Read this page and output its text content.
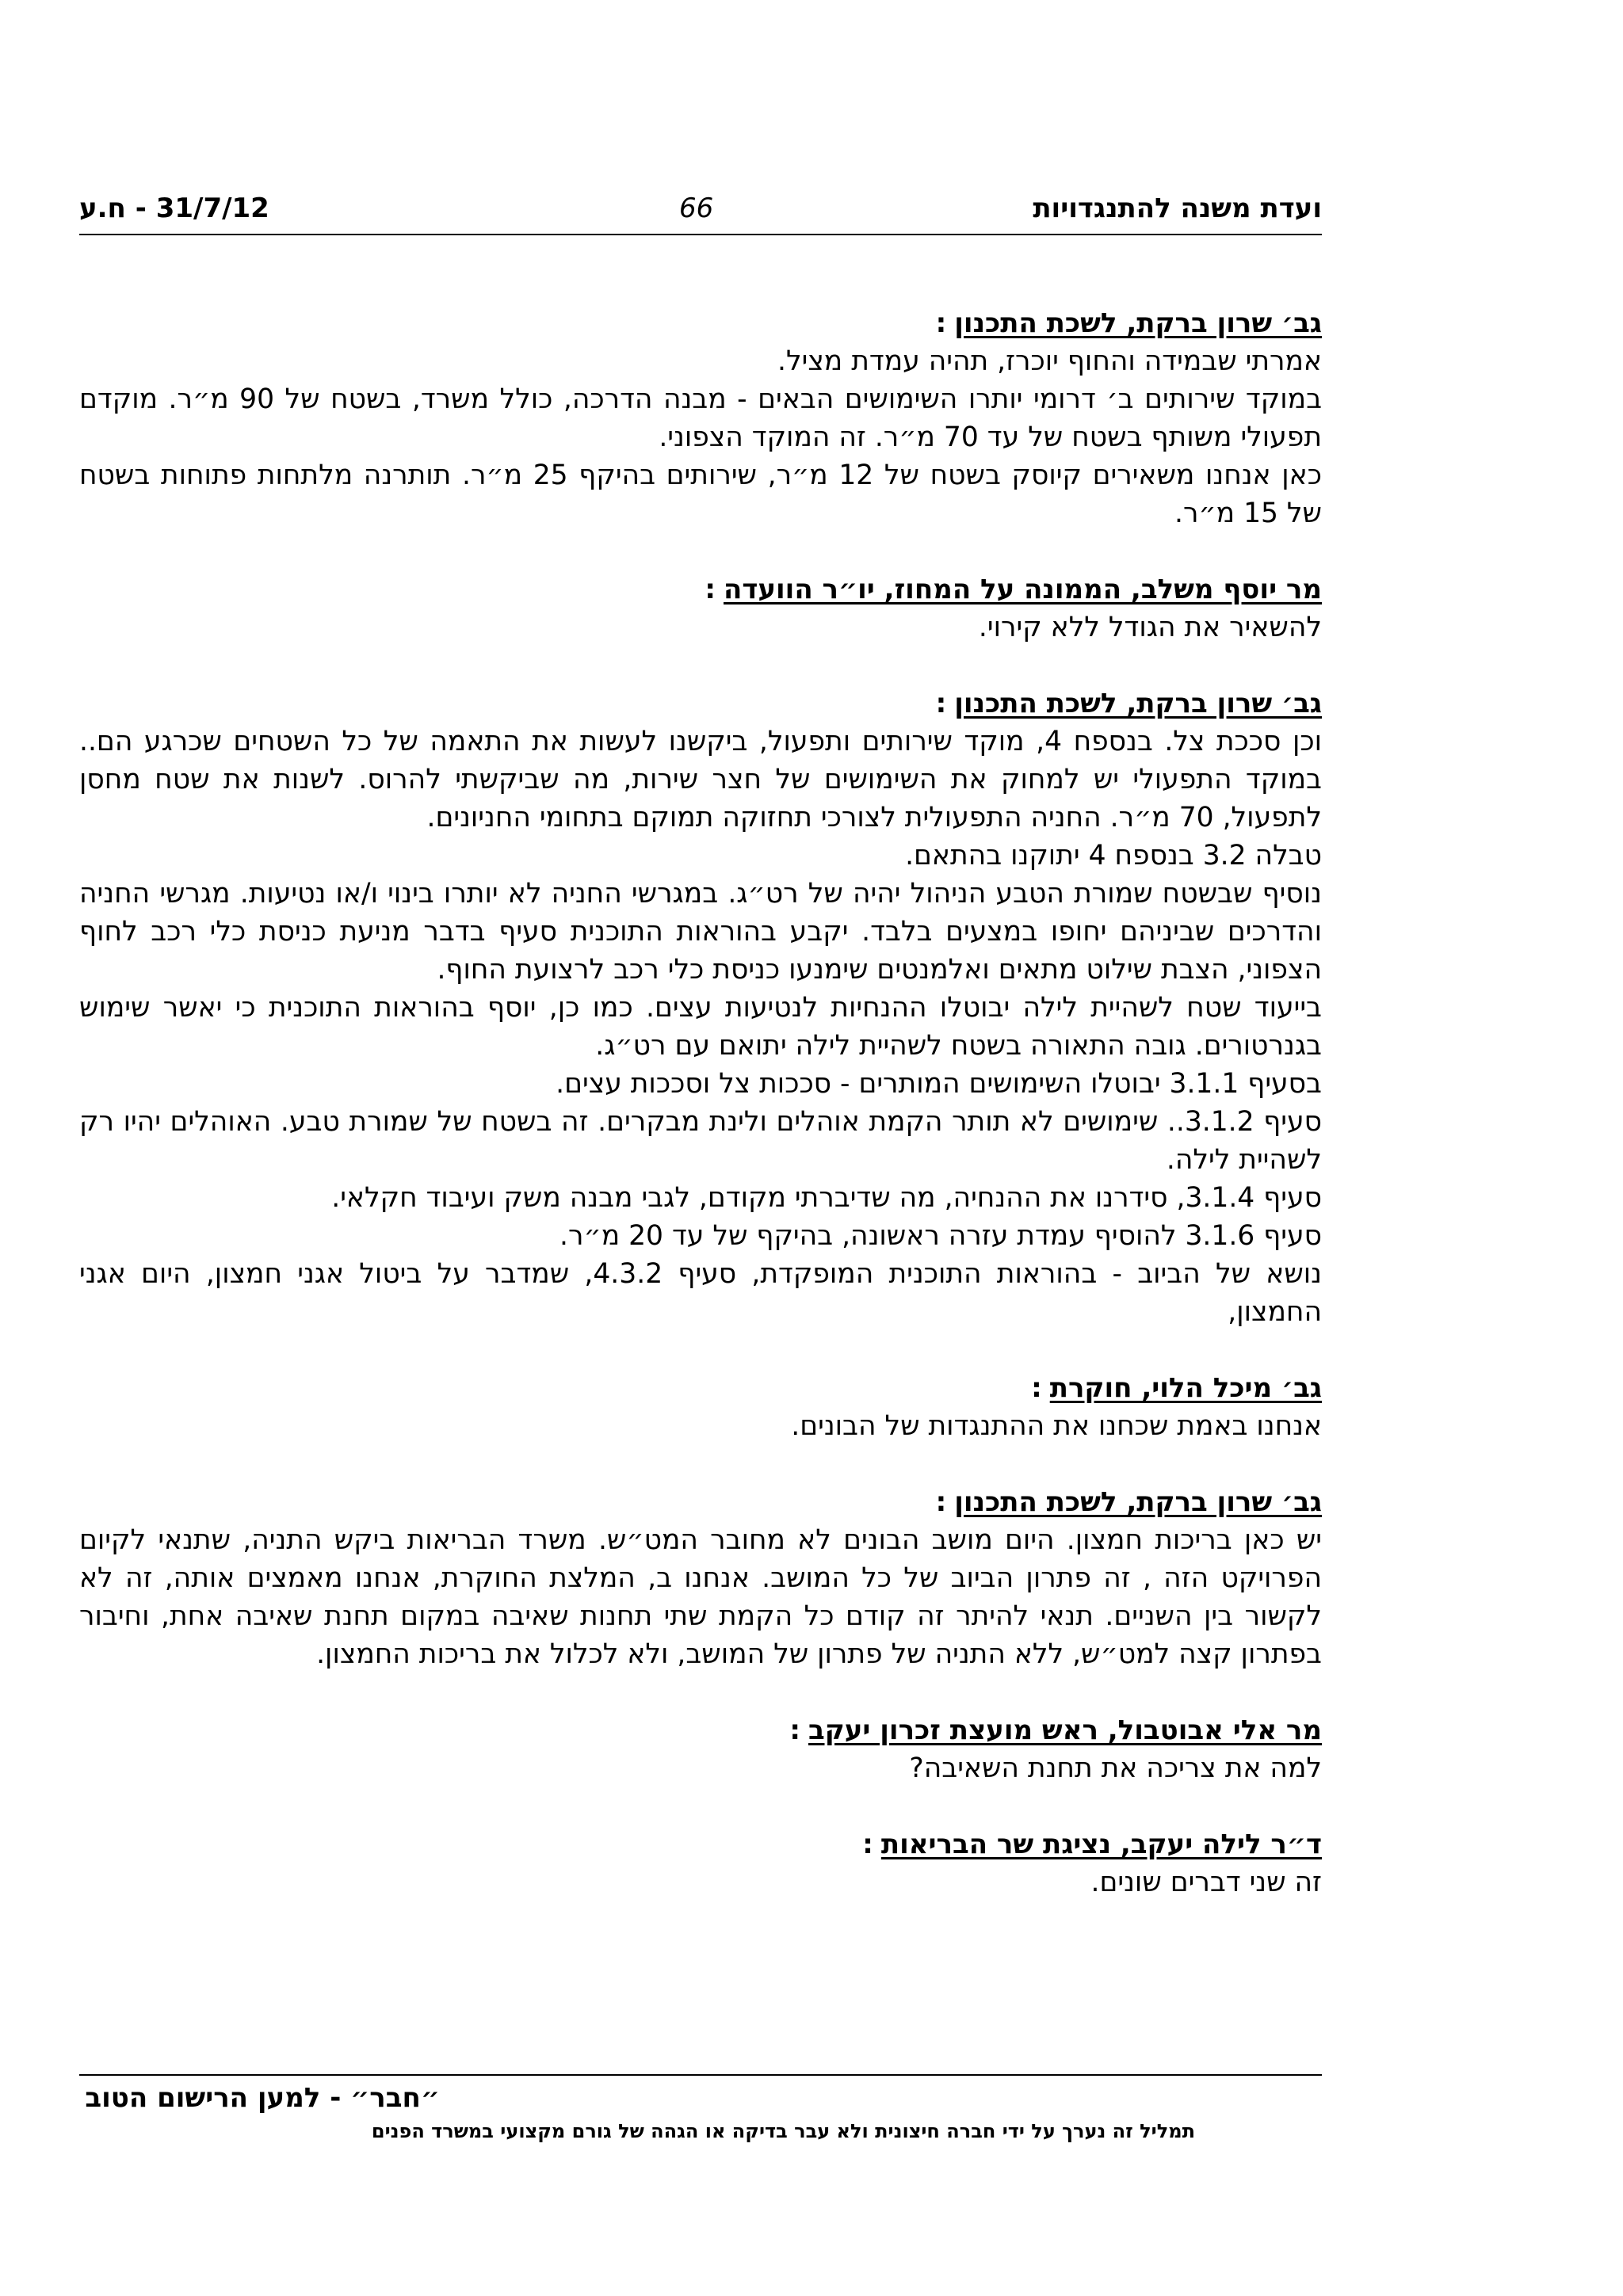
ועדת משנה להתנגדויות
66
31/7/12 - ח.ע

גב׳ שרון ברקת, לשכת התכנון:

אמרתי שבמידה והחוף יוכרז, תהיה עמדת מציל.

במוקד שירותים ב׳ דרומי יותרו השימושים הבאים - מבנה הדרכה, כולל משרד, בשטח של 90 מ״ר. מוקדם תפעולי משותף בשטח של עד 70 מ״ר. זה המוקד הצפוני.

כאן אנחנו משאירים קיוסק בשטח של 12 מ״ר, שירותים בהיקף 25 מ״ר. תותרנה מלתחות פתוחות בשטח של 15 מ״ר.

מר יוסף משלב, הממונה על המחוז, יו״ר הוועדה:

להשאיר את הגודל ללא קירוי.

גב׳ שרון ברקת, לשכת התכנון:

וכן סככת צל. בנספח 4, מוקד שירותים ותפעול, ביקשנו לעשות את התאמה של כל השטחים שכרגע הם.. במוקד התפעולי יש למחוק את השימושים של חצר שירות, מה שביקשתי להרוס. לשנות את שטח מחסן לתפעול, 70 מ״ר. החניה התפעולית לצורכי תחזוקה תמוקם בתחומי החניונים.

טבלה 3.2 בנספח 4 יתוקנו בהתאם.

נוסיף שבשטח שמורת הטבע הניהול יהיה של רט״ג. במגרשי החניה לא יותרו בינוי ו/או נטיעות. מגרשי החניה והדרכים שביניהם יחופו במצעים בלבד. יקבע בהוראות התוכנית סעיף בדבר מניעת כניסת כלי רכב לחוף הצפוני, הצבת שילוט מתאים ואלמנטים שימנעו כניסת כלי רכב לרצועת החוף.

בייעוד שטח לשהיית לילה יבוטלו ההנחיות לנטיעות עצים. כמו כן, יוסף בהוראות התוכנית כי יאשר שימוש בגנרטורים. גובה התאורה בשטח לשהיית לילה יתואם עם רט״ג.

בסעיף 3.1.1 יבוטלו השימושים המותרים - סככות צל וסככות עצים.

סעיף 3.1.2.. שימושים לא תותר הקמת אוהלים ולינת מבקרים. זה בשטח של שמורת טבע. האוהלים יהיו רק לשהיית לילה.

סעיף 3.1.4, סידרנו את ההנחיה, מה שדיברתי מקודם, לגבי מבנה משק ועיבוד חקלאי.

סעיף 3.1.6 להוסיף עמדת עזרה ראשונה, בהיקף של עד 20 מ״ר.

נושא של הביוב - בהוראות התוכנית המופקדת, סעיף 4.3.2, שמדבר על ביטול אגני חמצון, היום אגני החמצון,

גב׳ מיכל הלוי, חוקרת:

אנחנו באמת שכחנו את ההתנגדות של הבונים.

גב׳ שרון ברקת, לשכת התכנון:

יש כאן בריכות חמצון. היום מושב הבונים לא מחובר המט״ש. משרד הבריאות ביקש התניה, שתנאי לקיום הפרויקט הזה , זה פתרון הביוב של כל המושב. אנחנו ב, המלצת החוקרת, אנחנו מאמצים אותה, זה לא לקשור בין השניים. תנאי להיתר זה קודם כל הקמת שתי תחנות שאיבה במקום תחנת שאיבה אחת, וחיבור בפתרון קצה למט״ש, ללא התניה של פתרון של המושב, ולא לכלול את בריכות החמצון.

מר אלי אבוטבול, ראש מועצת זכרון יעקב:

למה את צריכה את תחנת השאיבה?

ד״ר לילה יעקב, נציגת שר הבריאות:

זה שני דברים שונים.

״חבר״ - למען הרישום הטוב
תמליל זה נערך על ידי חברה חיצונית ולא עבר בדיקה או הגהה של גורם מקצועי במשרד הפנים
